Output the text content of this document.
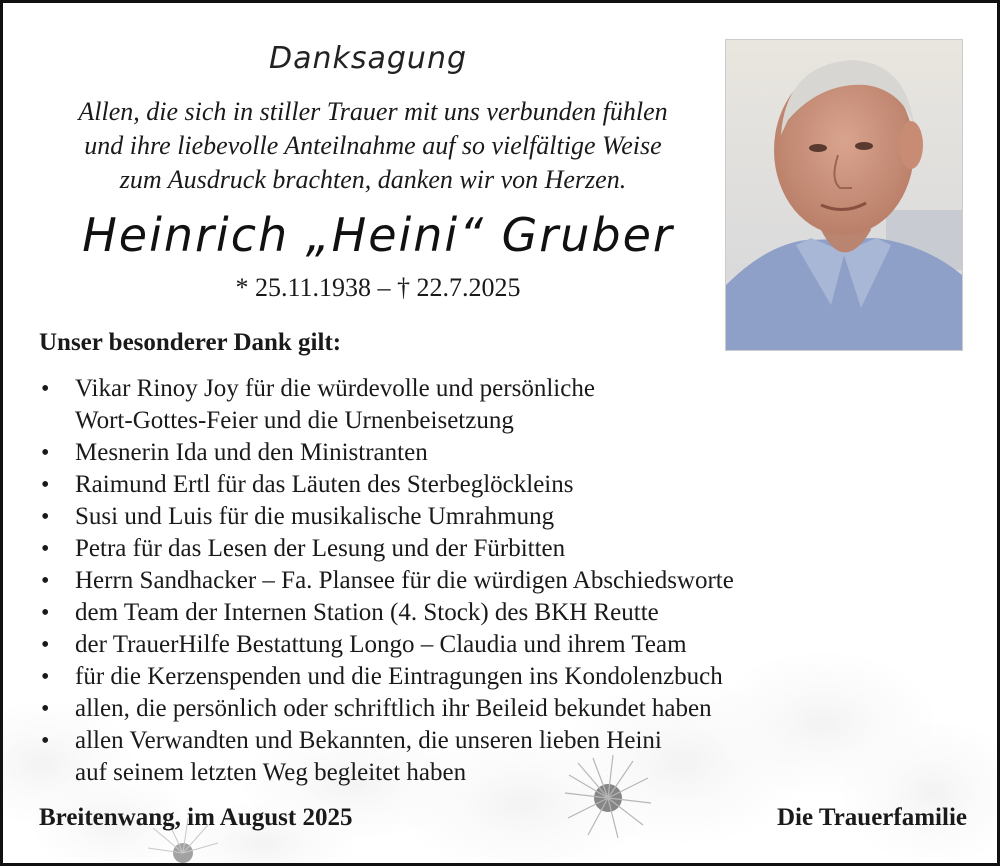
Danksagung
Allen, die sich in stiller Trauer mit uns verbunden fühlen
und ihre liebevolle Anteilnahme auf so vielfältige Weise
zum Ausdruck brachten, danken wir von Herzen.
Heinrich „Heini“ Gruber
* 25.11.1938 – † 22.7.2025
Unser besonderer Dank gilt:
• Vikar Rinoy Joy für die würdevolle und persönliche
Wort-Gottes-Feier und die Urnenbeisetzung
• Mesnerin Ida und den Ministranten
• Raimund Ertl für das Läuten des Sterbeglöckleins
• Susi und Luis für die musikalische Umrahmung
• Petra für das Lesen der Lesung und der Fürbitten
• Herrn Sandhacker – Fa. Plansee für die würdigen Abschiedsworte
• dem Team der Internen Station (4. Stock) des BKH Reutte
• der TrauerHilfe Bestattung Longo – Claudia und ihrem Team
• für die Kerzenspenden und die Eintragungen ins Kondolenzbuch
• allen, die persönlich oder schriftlich ihr Beileid bekundet haben
• allen Verwandten und Bekannten, die unseren lieben Heini
auf seinem letzten Weg begleitet haben
Breitenwang, im August 2025	Die Trauerfamilie
